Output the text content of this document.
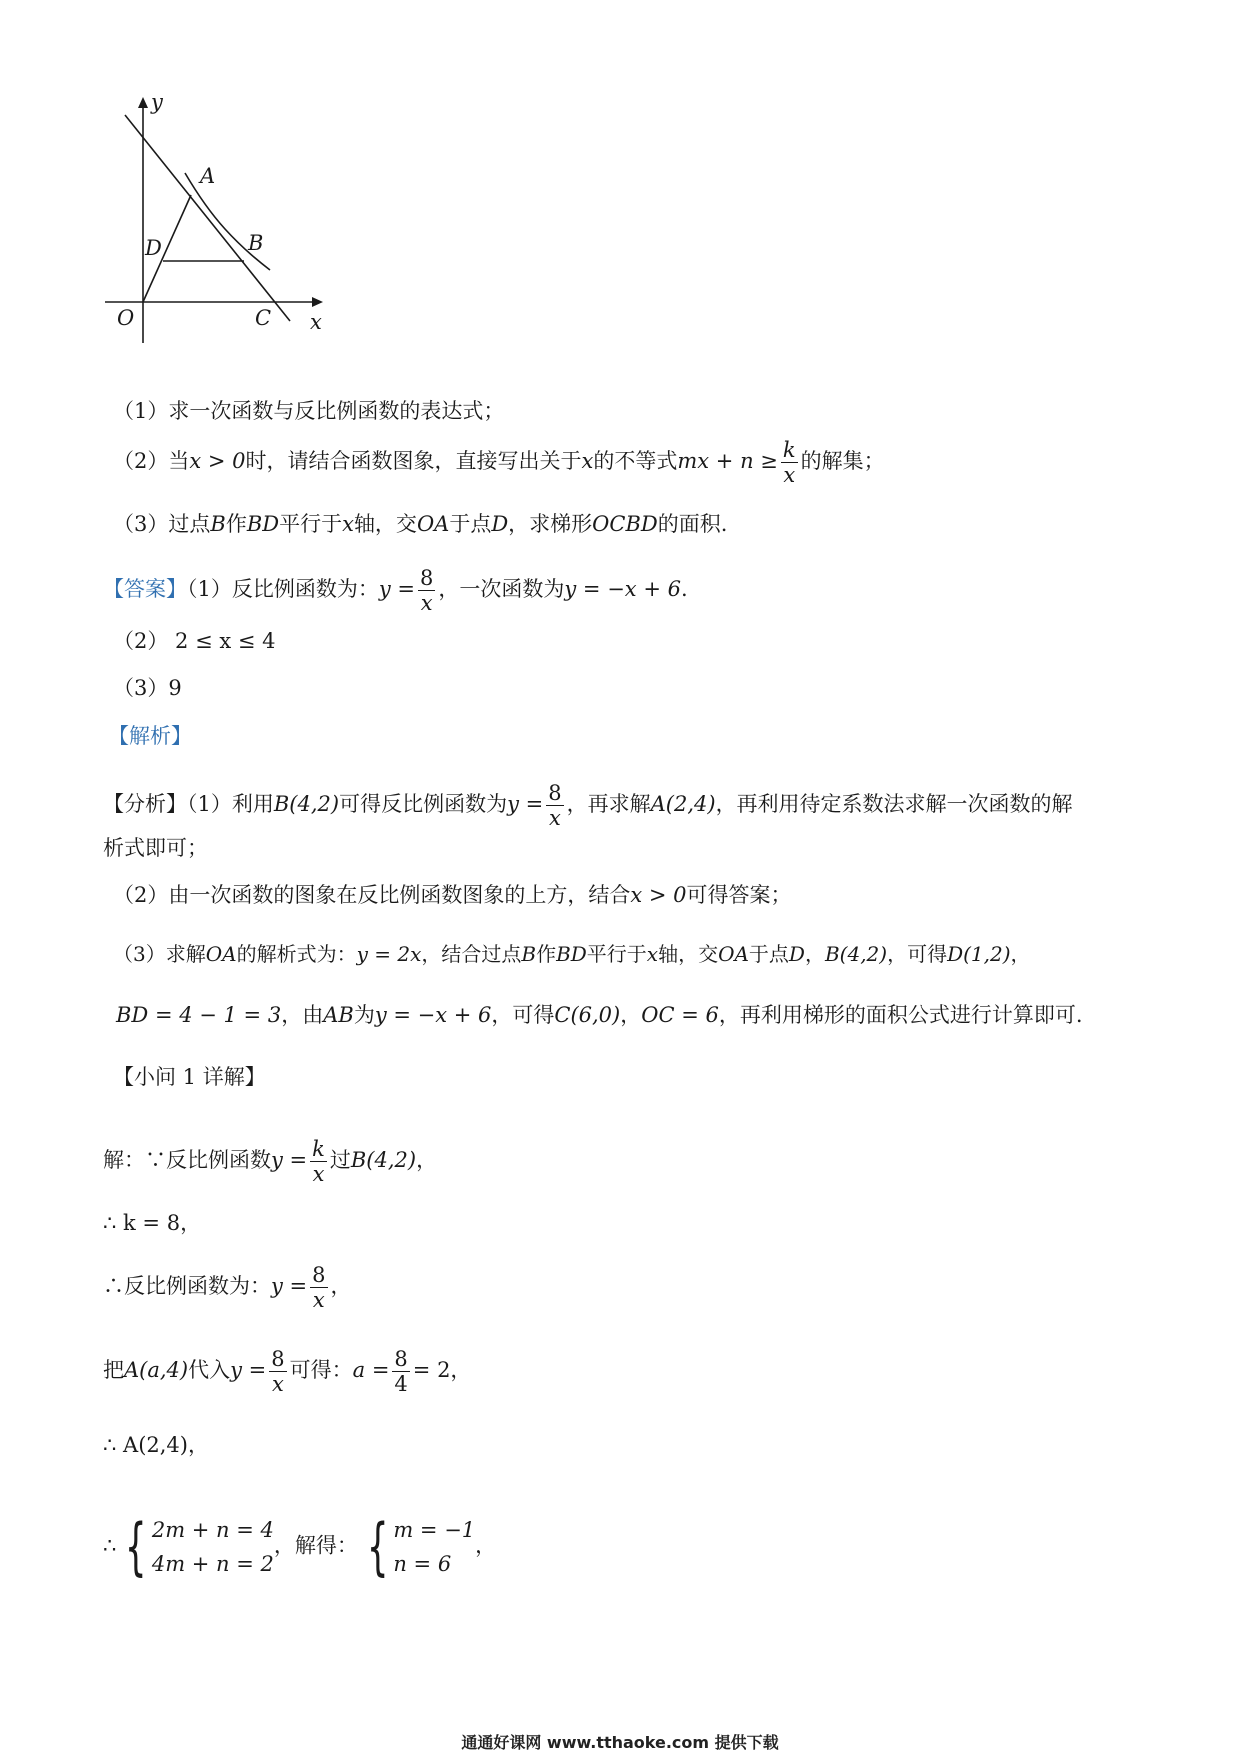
y
A
D	B
O	C x
（1）求一次函数与反比例函数的表达式；
（2）当x > 0时，请结合函数图象，直接写出关于x的不等式mx + $n \ge \frac{k}{x}$ 的解集；
（3）过点B作BD平行于x轴，交OA于点D，求梯形OCBD的面积.
【答案】（1）反比例函数为：$y = \frac{8}{x}$ ，一次函数为y = −x + 6.
（2） 2 ≤ x ≤ 4
（3）9
【解析】
【分析】（1）利用B(4,2)可得反比例函数为$y = \frac{8}{x}$ ，再求解A(2,4)，再利用待定系数法求解一次函数的解
析式即可；
（2）由一次函数的图象在反比例函数图象的上方，结合x > 0可得答案；
（3）求解OA的解析式为：y = 2x，结合过点B作BD平行于x轴，交OA于点D，B(4,2)，可得D(1,2)，
BD = 4 − 1 = 3，由AB为y = −x + 6，可得C(6,0)，OC = 6，再利用梯形的面积公式进行计算即可.
【小问 1 详解】
解：∵反比例函数$y = \frac{k}{x}$ 过B(4,2)，
∴ k = 8，
∴反比例函数为：$y = \frac{8}{x}$ ，
把A(a,4)代入$y = \frac{8}{x}$ 可得：$a = \frac{8}{4} = 2$，
∴ A(2,4)，
∴ { 2m + n = 4
4m + n = 2
，解得： { m = −1
n = 6
，
通通好课网 www.tthaoke.com 提供下载
